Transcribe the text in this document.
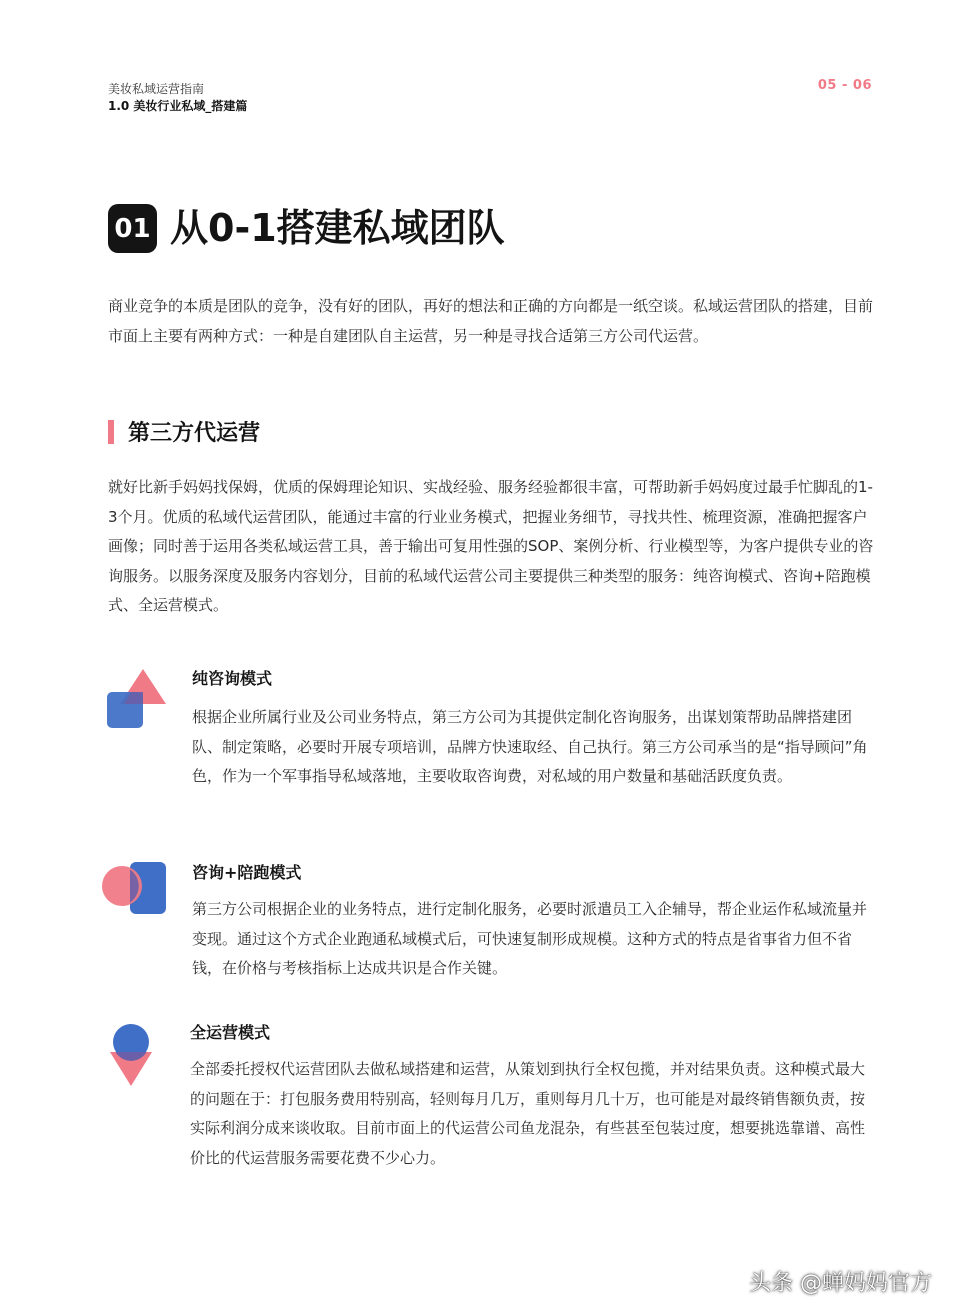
美妆私域运营指南
1.0 美妆行业私域_搭建篇
05 - 06
01 从0-1搭建私域团队
商业竞争的本质是团队的竞争，没有好的团队，再好的想法和正确的方向都是一纸空谈。私域运营团队的搭建，目前市面上主要有两种方式：一种是自建团队自主运营，另一种是寻找合适第三方公司代运营。
第三方代运营
就好比新手妈妈找保姆，优质的保姆理论知识、实战经验、服务经验都很丰富，可帮助新手妈妈度过最手忙脚乱的1-3个月。优质的私域代运营团队，能通过丰富的行业业务模式，把握业务细节，寻找共性、梳理资源，准确把握客户画像；同时善于运用各类私域运营工具，善于输出可复用性强的SOP、案例分析、行业模型等，为客户提供专业的咨询服务。以服务深度及服务内容划分，目前的私域代运营公司主要提供三种类型的服务：纯咨询模式、咨询+陪跑模式、全运营模式。
纯咨询模式
根据企业所属行业及公司业务特点，第三方公司为其提供定制化咨询服务，出谋划策帮助品牌搭建团队、制定策略，必要时开展专项培训，品牌方快速取经、自己执行。第三方公司承当的是“指导顾问”角色，作为一个军事指导私域落地，主要收取咨询费，对私域的用户数量和基础活跃度负责。
咨询+陪跑模式
第三方公司根据企业的业务特点，进行定制化服务，必要时派遣员工入企辅导，帮企业运作私域流量并变现。通过这个方式企业跑通私域模式后，可快速复制形成规模。这种方式的特点是省事省力但不省钱，在价格与考核指标上达成共识是合作关键。
全运营模式
全部委托授权代运营团队去做私域搭建和运营，从策划到执行全权包揽，并对结果负责。这种模式最大的问题在于：打包服务费用特别高，轻则每月几万，重则每月几十万，也可能是对最终销售额负责，按实际利润分成来谈收取。目前市面上的代运营公司鱼龙混杂，有些甚至包装过度，想要挑选靠谱、高性价比的代运营服务需要花费不少心力。
头条 @蝉妈妈官方
